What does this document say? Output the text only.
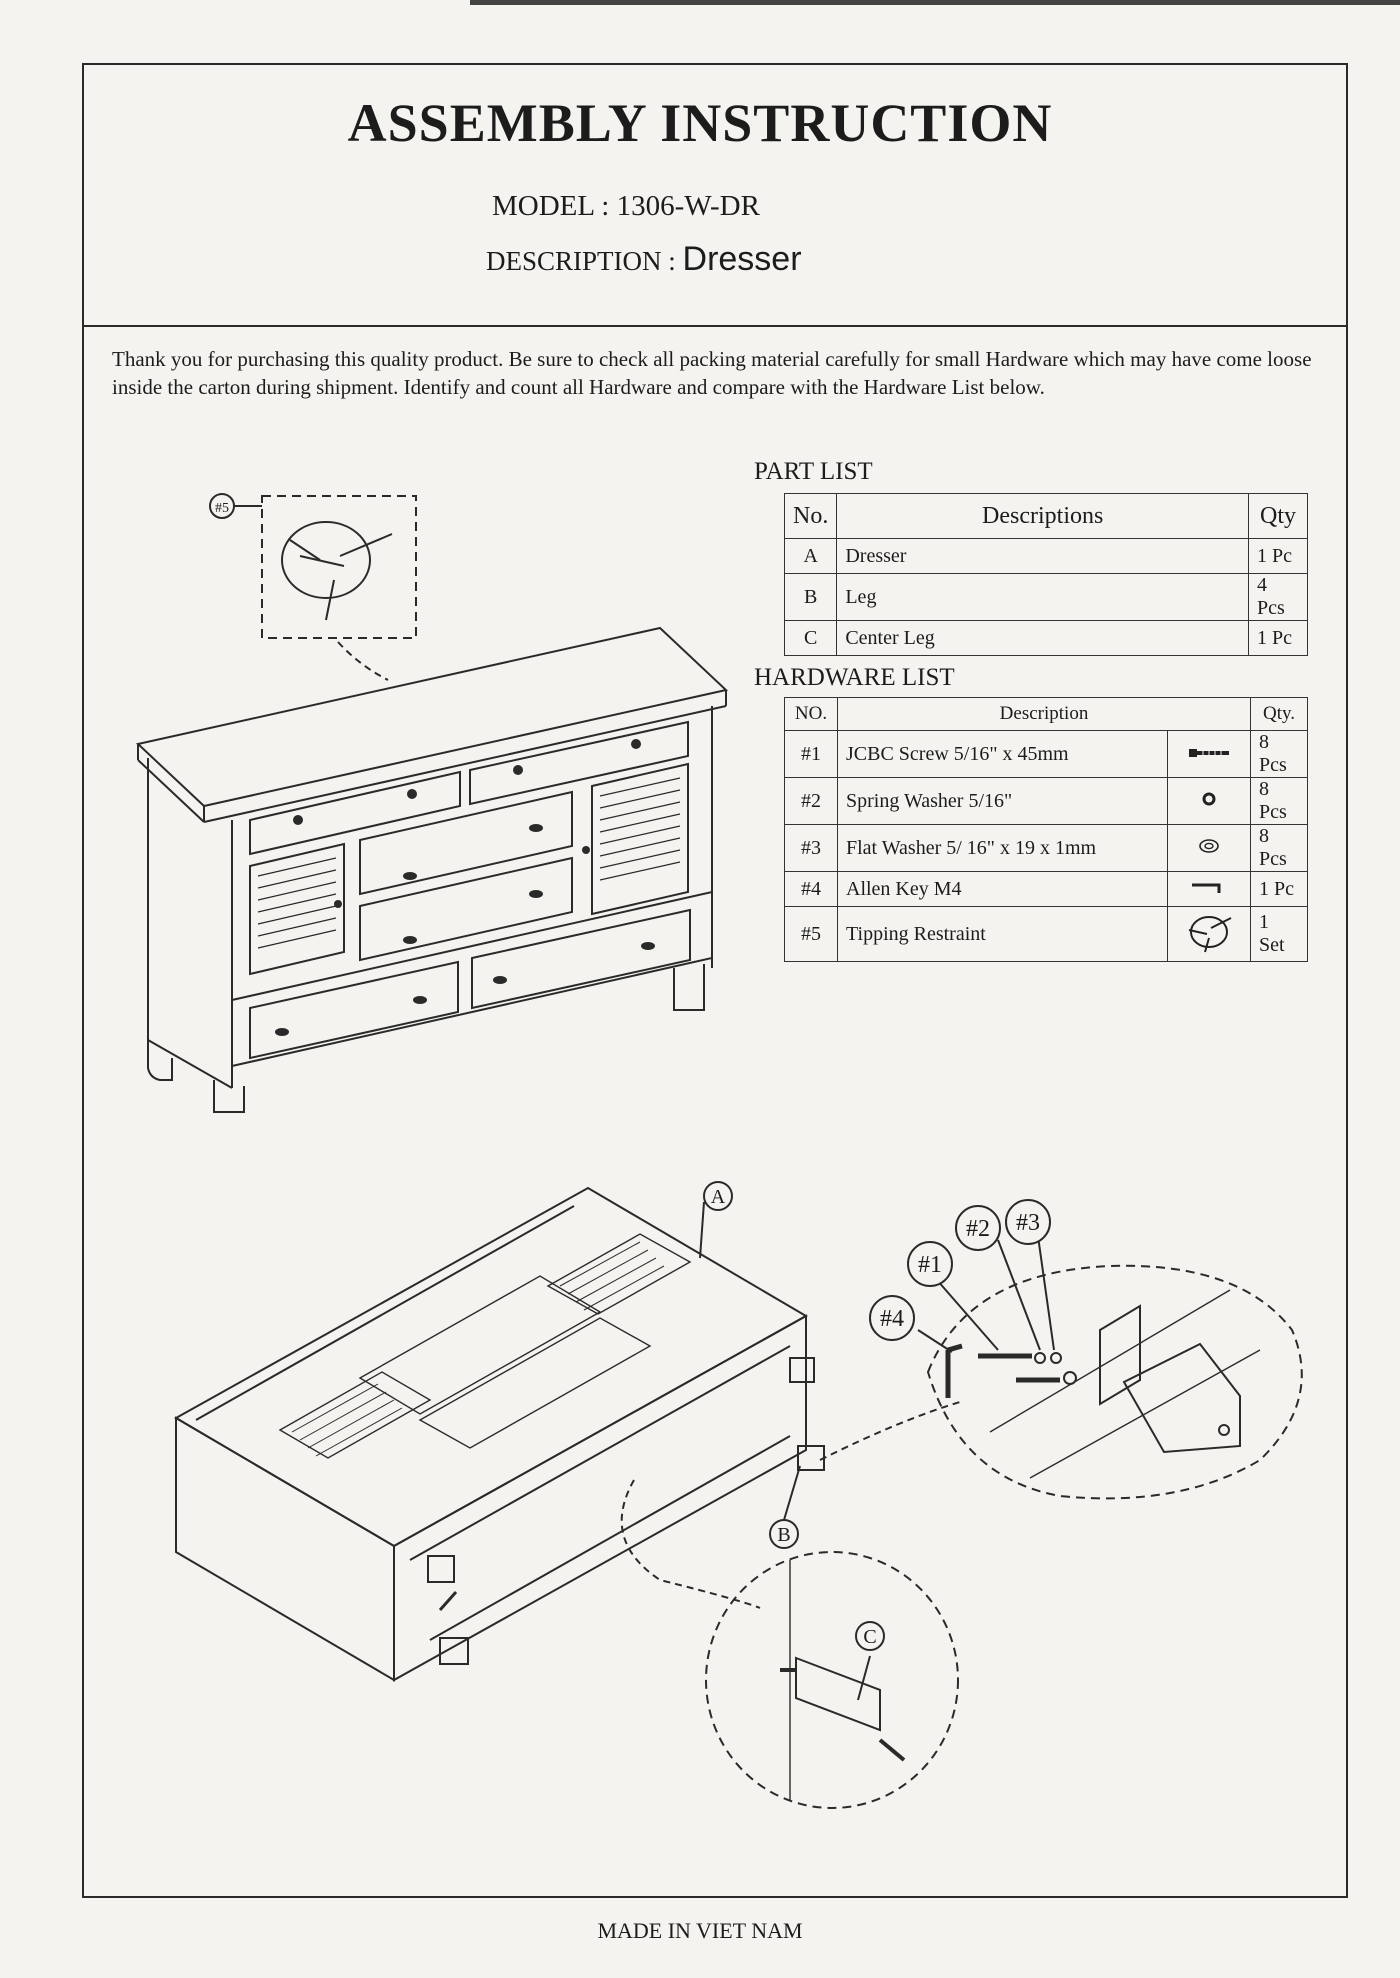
ASSEMBLY INSTRUCTION
MODEL : 1306-W-DR
DESCRIPTION : Dresser
Thank you for purchasing this quality product. Be sure to check all packing material carefully for small Hardware which may have come loose inside the carton during shipment. Identify and count all Hardware and compare with the Hardware List below.
PART LIST
No.	Descriptions	Qty
A	Dresser	1 Pc
B	Leg	4 Pcs
C	Center Leg	1 Pc
HARDWARE LIST
NO.	Description		Qty.
#1	JCBC Screw 5/16" x 45mm		8 Pcs
#2	Spring Washer 5/16"		8 Pcs
#3	Flat Washer 5/ 16" x 19 x 1mm		8 Pcs
#4	Allen Key M4		1 Pc
#5	Tipping Restraint		1 Set
#5
A
B
C
#1
#2 #3
#4
MADE IN VIET NAM
